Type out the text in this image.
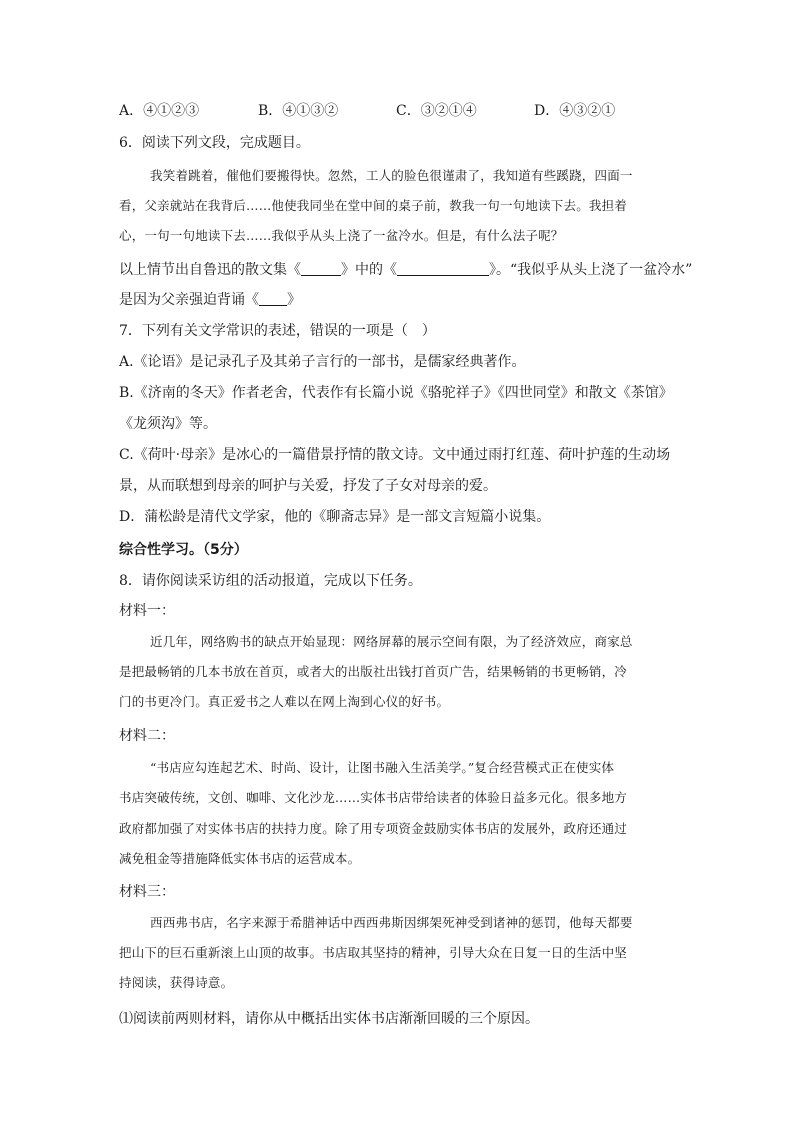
A．④①②③	B．④①③②	C．③②①④	D．④③②①
6．阅读下列文段，完成题目。
我笑着跳着，催他们要搬得快。忽然，工人的脸色很谨肃了，我知道有些蹊跷，四面一
看，父亲就站在我背后……他使我同坐在堂中间的桌子前，教我一句一句地读下去。我担着
心，一句一句地读下去……我似乎从头上浇了一盆冷水。但是，有什么法子呢？
以上情节出自鲁迅的散文集《	》中的《	》。“我似乎从头上浇了一盆冷水”
是因为父亲强迫背诵《 》
7．下列有关文学常识的表述，错误的一项是（　）
A.《论语》是记录孔子及其弟子言行的一部书，是儒家经典著作。
B.《济南的冬天》作者老舍，代表作有长篇小说《骆驼祥子》《四世同堂》和散文《茶馆》
《龙须沟》等。
C.《荷叶·母亲》是冰心的一篇借景抒情的散文诗。文中通过雨打红莲、荷叶护莲的生动场
景，从而联想到母亲的呵护与关爱，抒发了子女对母亲的爱。
D．蒲松龄是清代文学家，他的《聊斋志异》是一部文言短篇小说集。
综合性学习。（5分）
8．请你阅读采访组的活动报道，完成以下任务。
材料一：
近几年，网络购书的缺点开始显现：网络屏幕的展示空间有限，为了经济效应，商家总
是把最畅销的几本书放在首页，或者大的出版社出钱打首页广告，结果畅销的书更畅销，冷
门的书更冷门。真正爱书之人难以在网上淘到心仪的好书。
材料二：
“书店应勾连起艺术、时尚、设计，让图书融入生活美学。”复合经营模式正在使实体
书店突破传统，文创、咖啡、文化沙龙……实体书店带给读者的体验日益多元化。很多地方
政府都加强了对实体书店的扶持力度。除了用专项资金鼓励实体书店的发展外，政府还通过
减免租金等措施降低实体书店的运营成本。
材料三：
西西弗书店，名字来源于希腊神话中西西弗斯因绑架死神受到诸神的惩罚，他每天都要
把山下的巨石重新滚上山顶的故事。书店取其坚持的精神，引导大众在日复一日的生活中坚
持阅读，获得诗意。
⑴阅读前两则材料，请你从中概括出实体书店渐渐回暖的三个原因。
